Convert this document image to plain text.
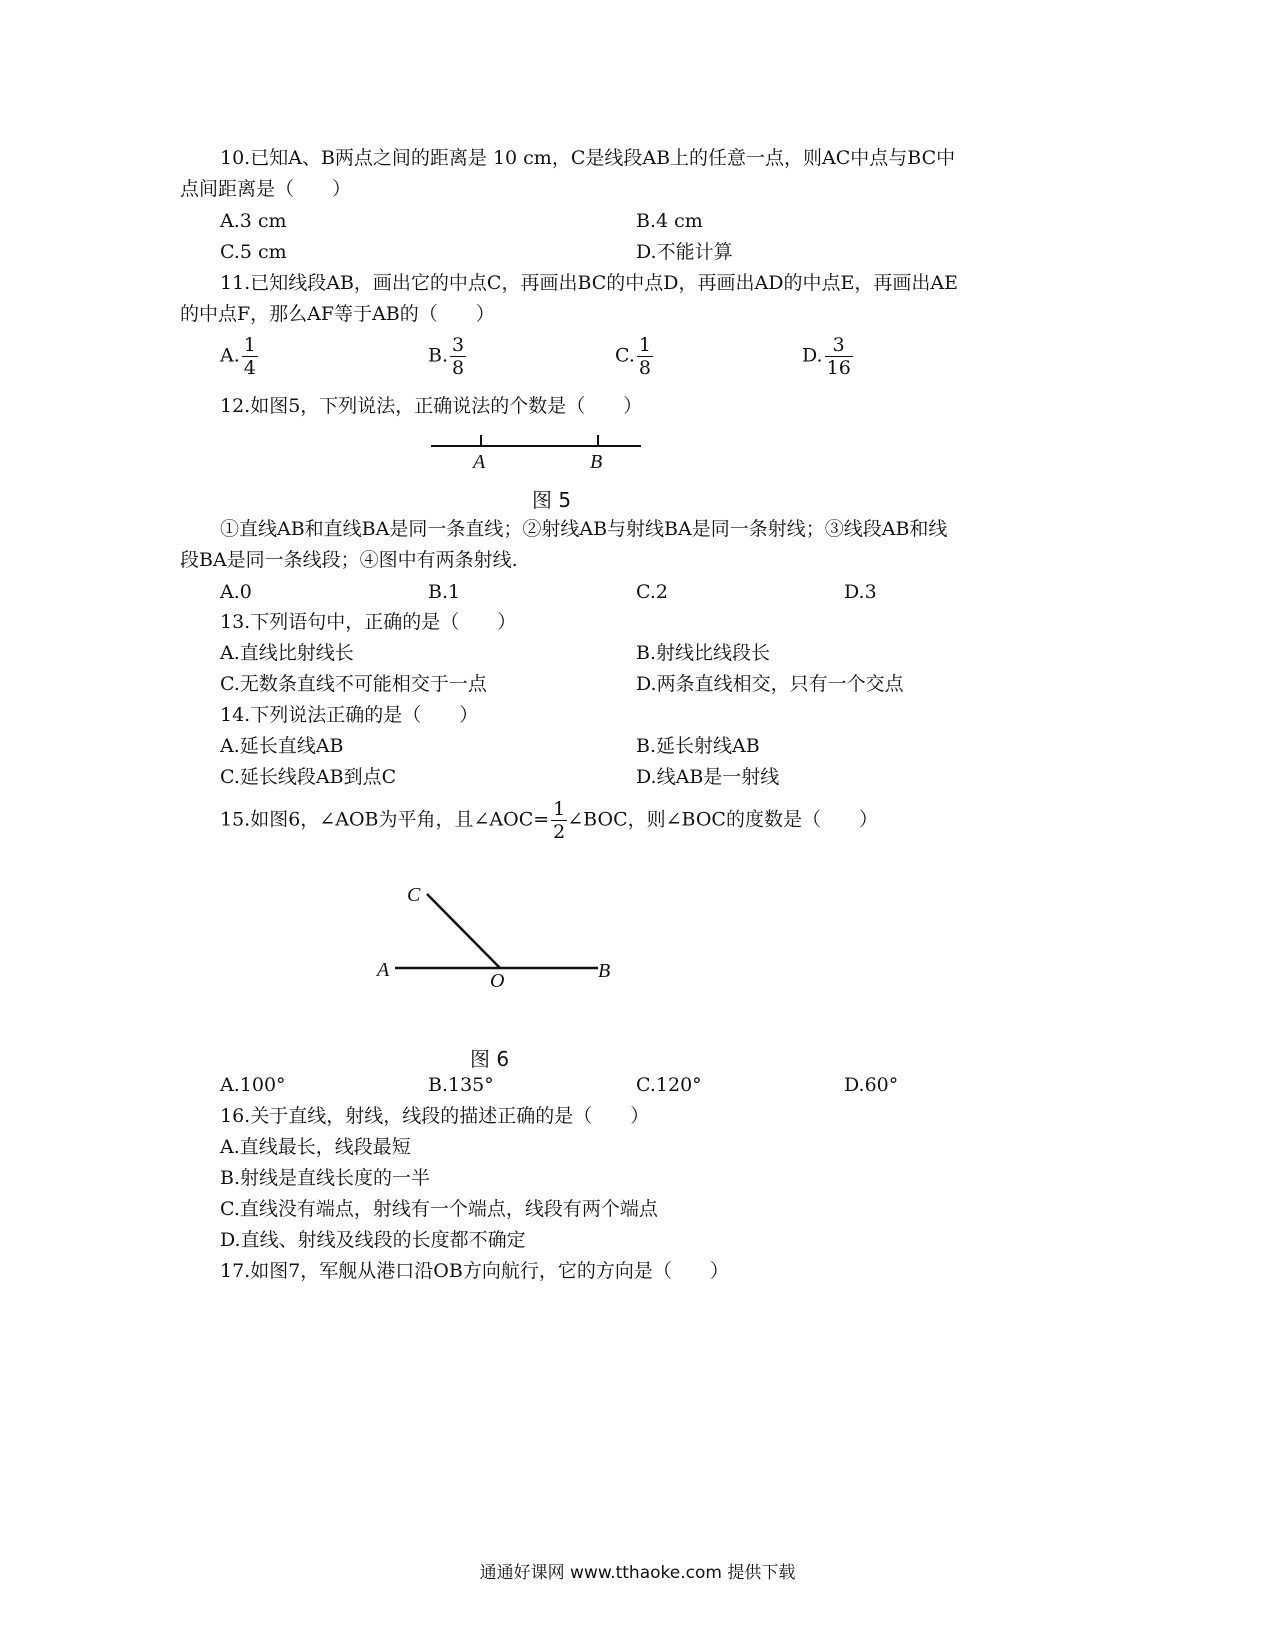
10.已知A、B两点之间的距离是 10 cm，C是线段AB上的任意一点，则AC中点与BC中
点间距离是（　　）
A.3 cm	B.4 cm
C.5 cm	D.不能计算
11.已知线段AB，画出它的中点C，再画出BC的中点D，再画出AD的中点E，再画出AE
的中点F，那么AF等于AB的（　　）
A. $\frac{1}{4}$	B. $\frac{3}{8}$	C. $\frac{1}{8}$	D. $\frac{3}{16}$
12.如图5，下列说法，正确说法的个数是（　　）
A	B
图 5
①直线AB和直线BA是同一条直线；②射线AB与射线BA是同一条射线；③线段AB和线
段BA是同一条线段；④图中有两条射线.
A.0	B.1	C.2	D.3
13.下列语句中，正确的是（　　）
A.直线比射线长	B.射线比线段长
C.无数条直线不可能相交于一点	D.两条直线相交，只有一个交点
14.下列说法正确的是（　　）
A.延长直线AB	B.延长射线AB
C.延长线段AB到点C	D.线AB是一射线
15.如图6，∠AOB为平角，且∠AOC= $\frac{1}{2}$ ∠BOC，则∠BOC的度数是（　　）
C
A	O	B
图 6
A.100°	B.135°	C.120°	D.60°
16.关于直线，射线，线段的描述正确的是（　　）
A.直线最长，线段最短
B.射线是直线长度的一半
C.直线没有端点，射线有一个端点，线段有两个端点
D.直线、射线及线段的长度都不确定
17.如图7，军舰从港口沿OB方向航行，它的方向是（　　）
通通好课网 www.tthaoke.com 提供下载
